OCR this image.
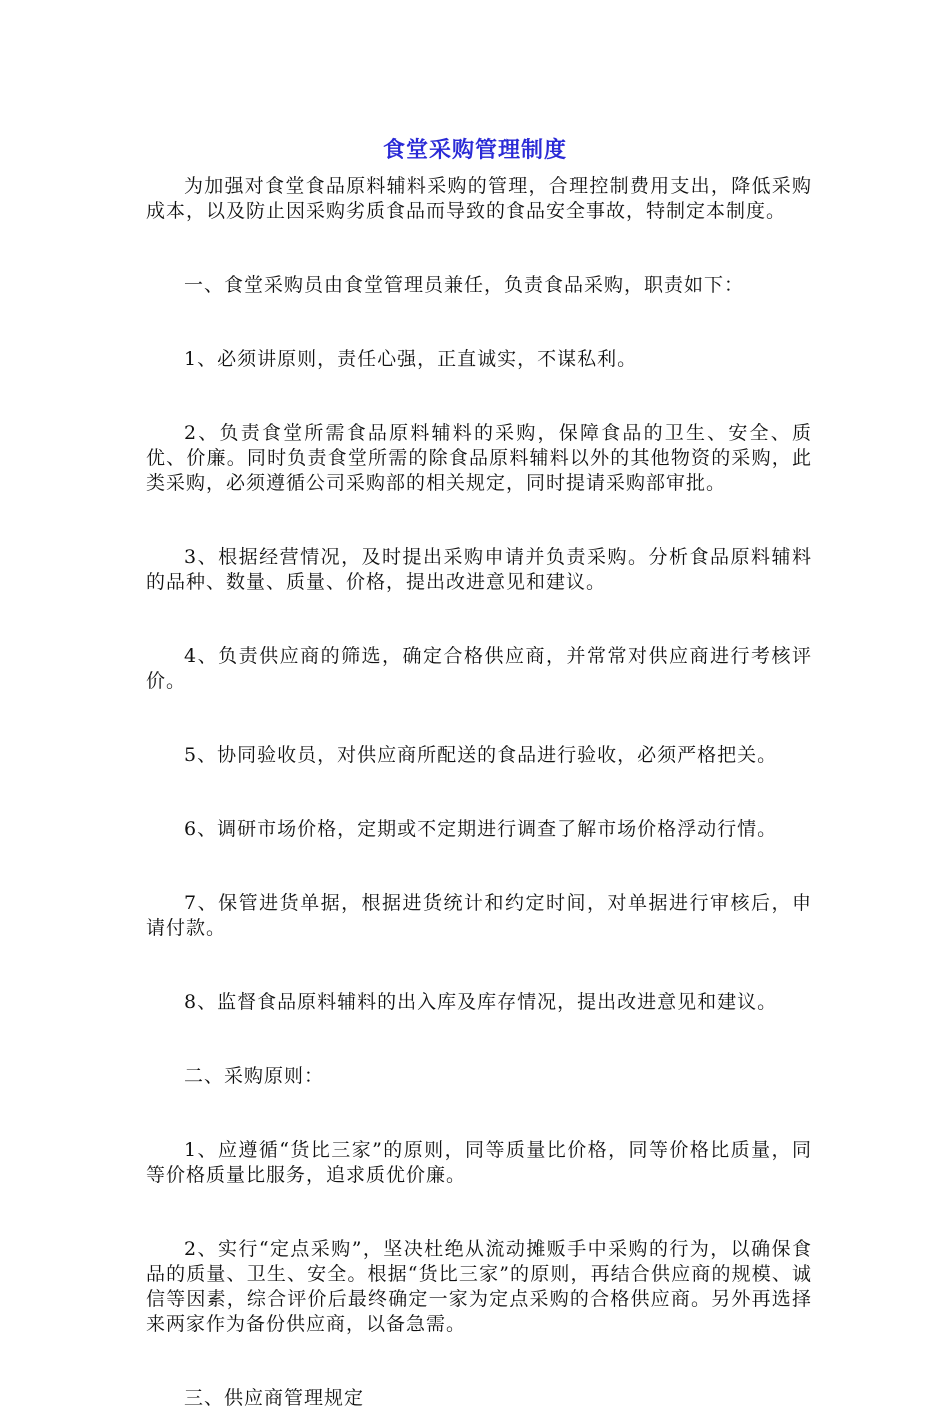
食堂采购管理制度

为加强对食堂食品原料辅料采购的管理，合理控制费用支出，降低采购成本，以及防止因采购劣质食品而导致的食品安全事故，特制定本制度。

一、食堂采购员由食堂管理员兼任，负责食品采购，职责如下：

1、必须讲原则，责任心强，正直诚实，不谋私利。

2、负责食堂所需食品原料辅料的采购，保障食品的卫生、安全、质优、价廉。同时负责食堂所需的除食品原料辅料以外的其他物资的采购，此类采购，必须遵循公司采购部的相关规定，同时提请采购部审批。

3、根据经营情况，及时提出采购申请并负责采购。分析食品原料辅料的品种、数量、质量、价格，提出改进意见和建议。

4、负责供应商的筛选，确定合格供应商，并常常对供应商进行考核评价。

5、协同验收员，对供应商所配送的食品进行验收，必须严格把关。

6、调研市场价格，定期或不定期进行调查了解市场价格浮动行情。

7、保管进货单据，根据进货统计和约定时间，对单据进行审核后，申请付款。

8、监督食品原料辅料的出入库及库存情况，提出改进意见和建议。

二、采购原则：

1、应遵循“货比三家”的原则，同等质量比价格，同等价格比质量，同等价格质量比服务，追求质优价廉。

2、实行“定点采购”，坚决杜绝从流动摊贩手中采购的行为，以确保食品的质量、卫生、安全。根据“货比三家”的原则，再结合供应商的规模、诚信等因素，综合评价后最终确定一家为定点采购的合格供应商。另外再选择来两家作为备份供应商，以备急需。

三、供应商管理规定
